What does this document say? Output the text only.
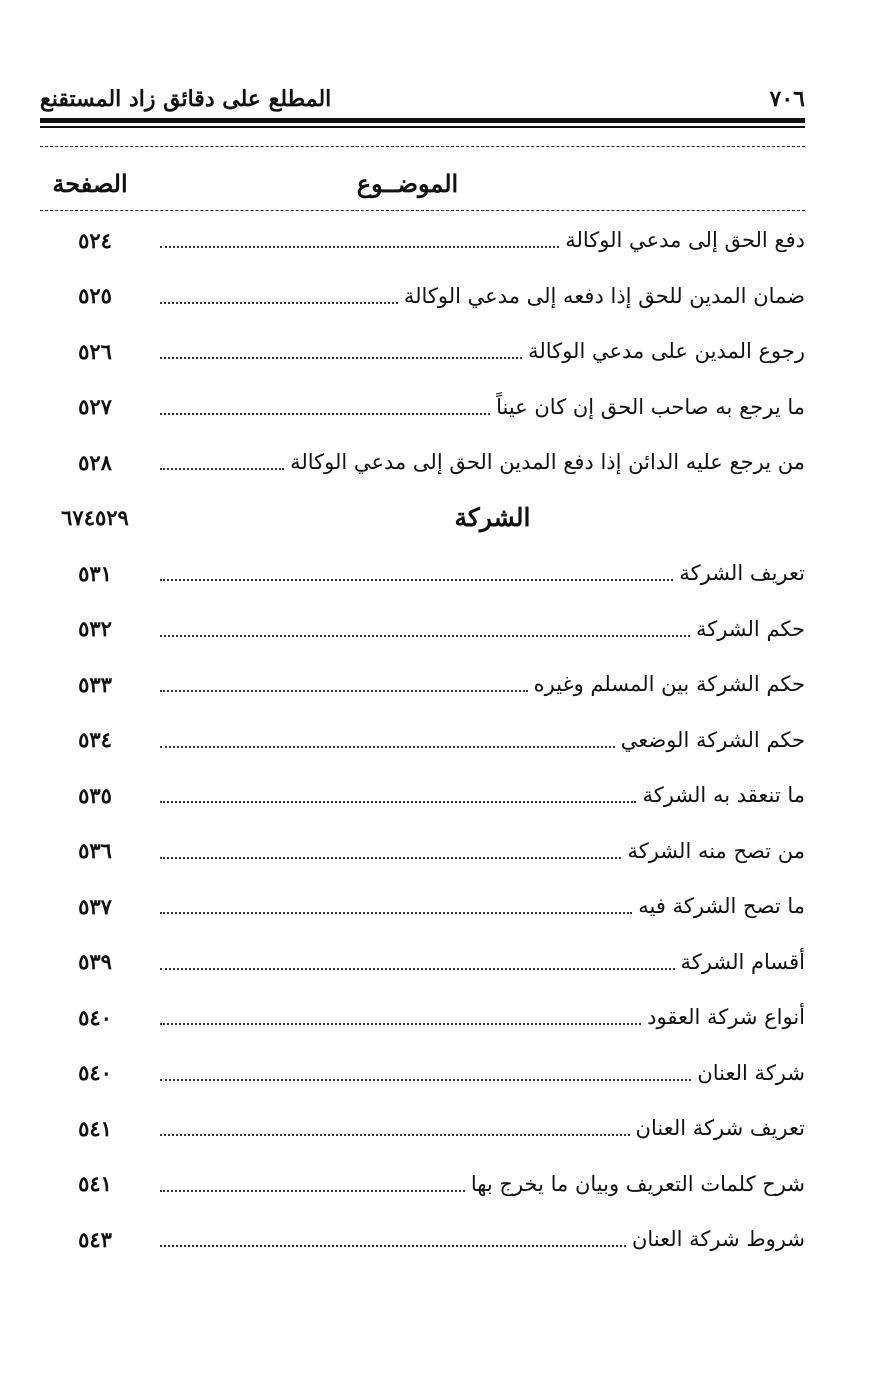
٧٠٦
المطلع على دقائق زاد المستقنع
الموضــوع
الصفحة
دفع الحق إلى مدعي الوكالة
٥٢٤
ضمان المدين للحق إذا دفعه إلى مدعي الوكالة
٥٢٥
رجوع المدين على مدعي الوكالة
٥٢٦
ما يرجع به صاحب الحق إن كان عيناً
٥٢٧
من يرجع عليه الدائن إذا دفع المدين الحق إلى مدعي الوكالة
٥٢٨
الشركة
٦٧٤٥٢٩
تعريف الشركة
٥٣١
حكم الشركة
٥٣٢
حكم الشركة بين المسلم وغيره
٥٣٣
حكم الشركة الوضعي
٥٣٤
ما تنعقد به الشركة
٥٣٥
من تصح منه الشركة
٥٣٦
ما تصح الشركة فيه
٥٣٧
أقسام الشركة
٥٣٩
أنواع شركة العقود
٥٤٠
شركة العنان
٥٤٠
تعريف شركة العنان
٥٤١
شرح كلمات التعريف وبيان ما يخرج بها
٥٤١
شروط شركة العنان
٥٤٣
